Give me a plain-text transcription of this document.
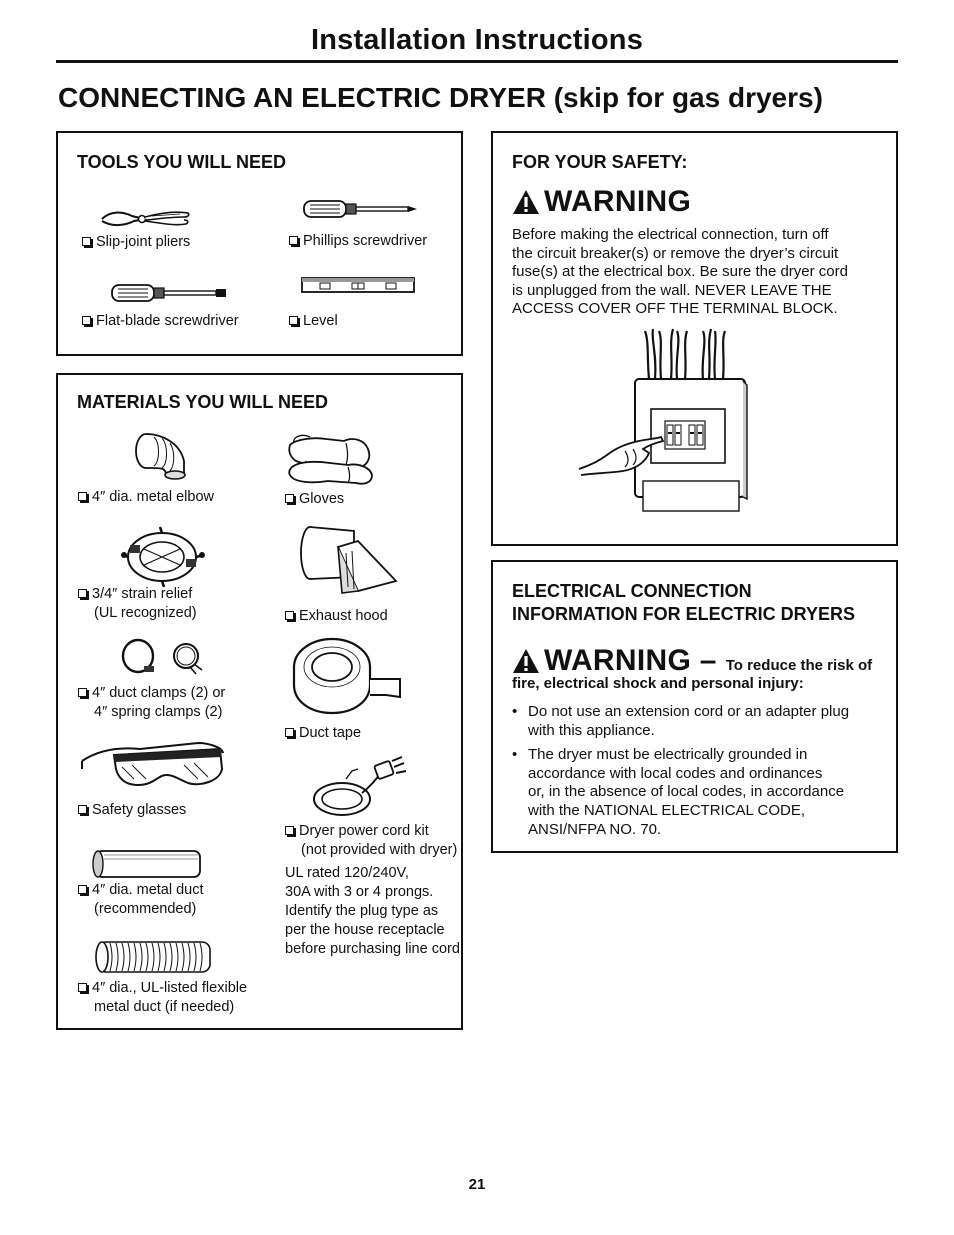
Installation Instructions
CONNECTING AN ELECTRIC DRYER (skip for gas dryers)
TOOLS YOU WILL NEED
Slip-joint pliers	Phillips screwdriver
Flat-blade screwdriver	Level
MATERIALS YOU WILL NEED
4″ dia. metal elbow
3/4″ strain relief
(UL recognized)
4″ duct clamps (2) or
4″ spring clamps (2)
Safety glasses
4″ dia. metal duct
(recommended)
4″ dia., UL-listed flexible
metal duct (if needed)
Gloves
Exhaust hood
Duct tape
Dryer power cord kit
(not provided with dryer)
UL rated 120/240V,
30A with 3 or 4 prongs.
Identify the plug type as
per the house receptacle
before purchasing line cord.
FOR YOUR SAFETY:
WARNING
Before making the electrical connection, turn off
the circuit breaker(s) or remove the dryer’s circuit
fuse(s) at the electrical box. Be sure the dryer cord
is unplugged from the wall. NEVER LEAVE THE
ACCESS COVER OFF THE TERMINAL BLOCK.
ELECTRICAL CONNECTION
INFORMATION FOR ELECTRIC DRYERS
WARNING – To reduce the risk of
fire, electrical shock and personal injury:
• Do not use an extension cord or an adapter plug
with this appliance.
• The dryer must be electrically grounded in
accordance with local codes and ordinances
or, in the absence of local codes, in accordance
with the NATIONAL ELECTRICAL CODE,
ANSI/NFPA NO. 70.
21
